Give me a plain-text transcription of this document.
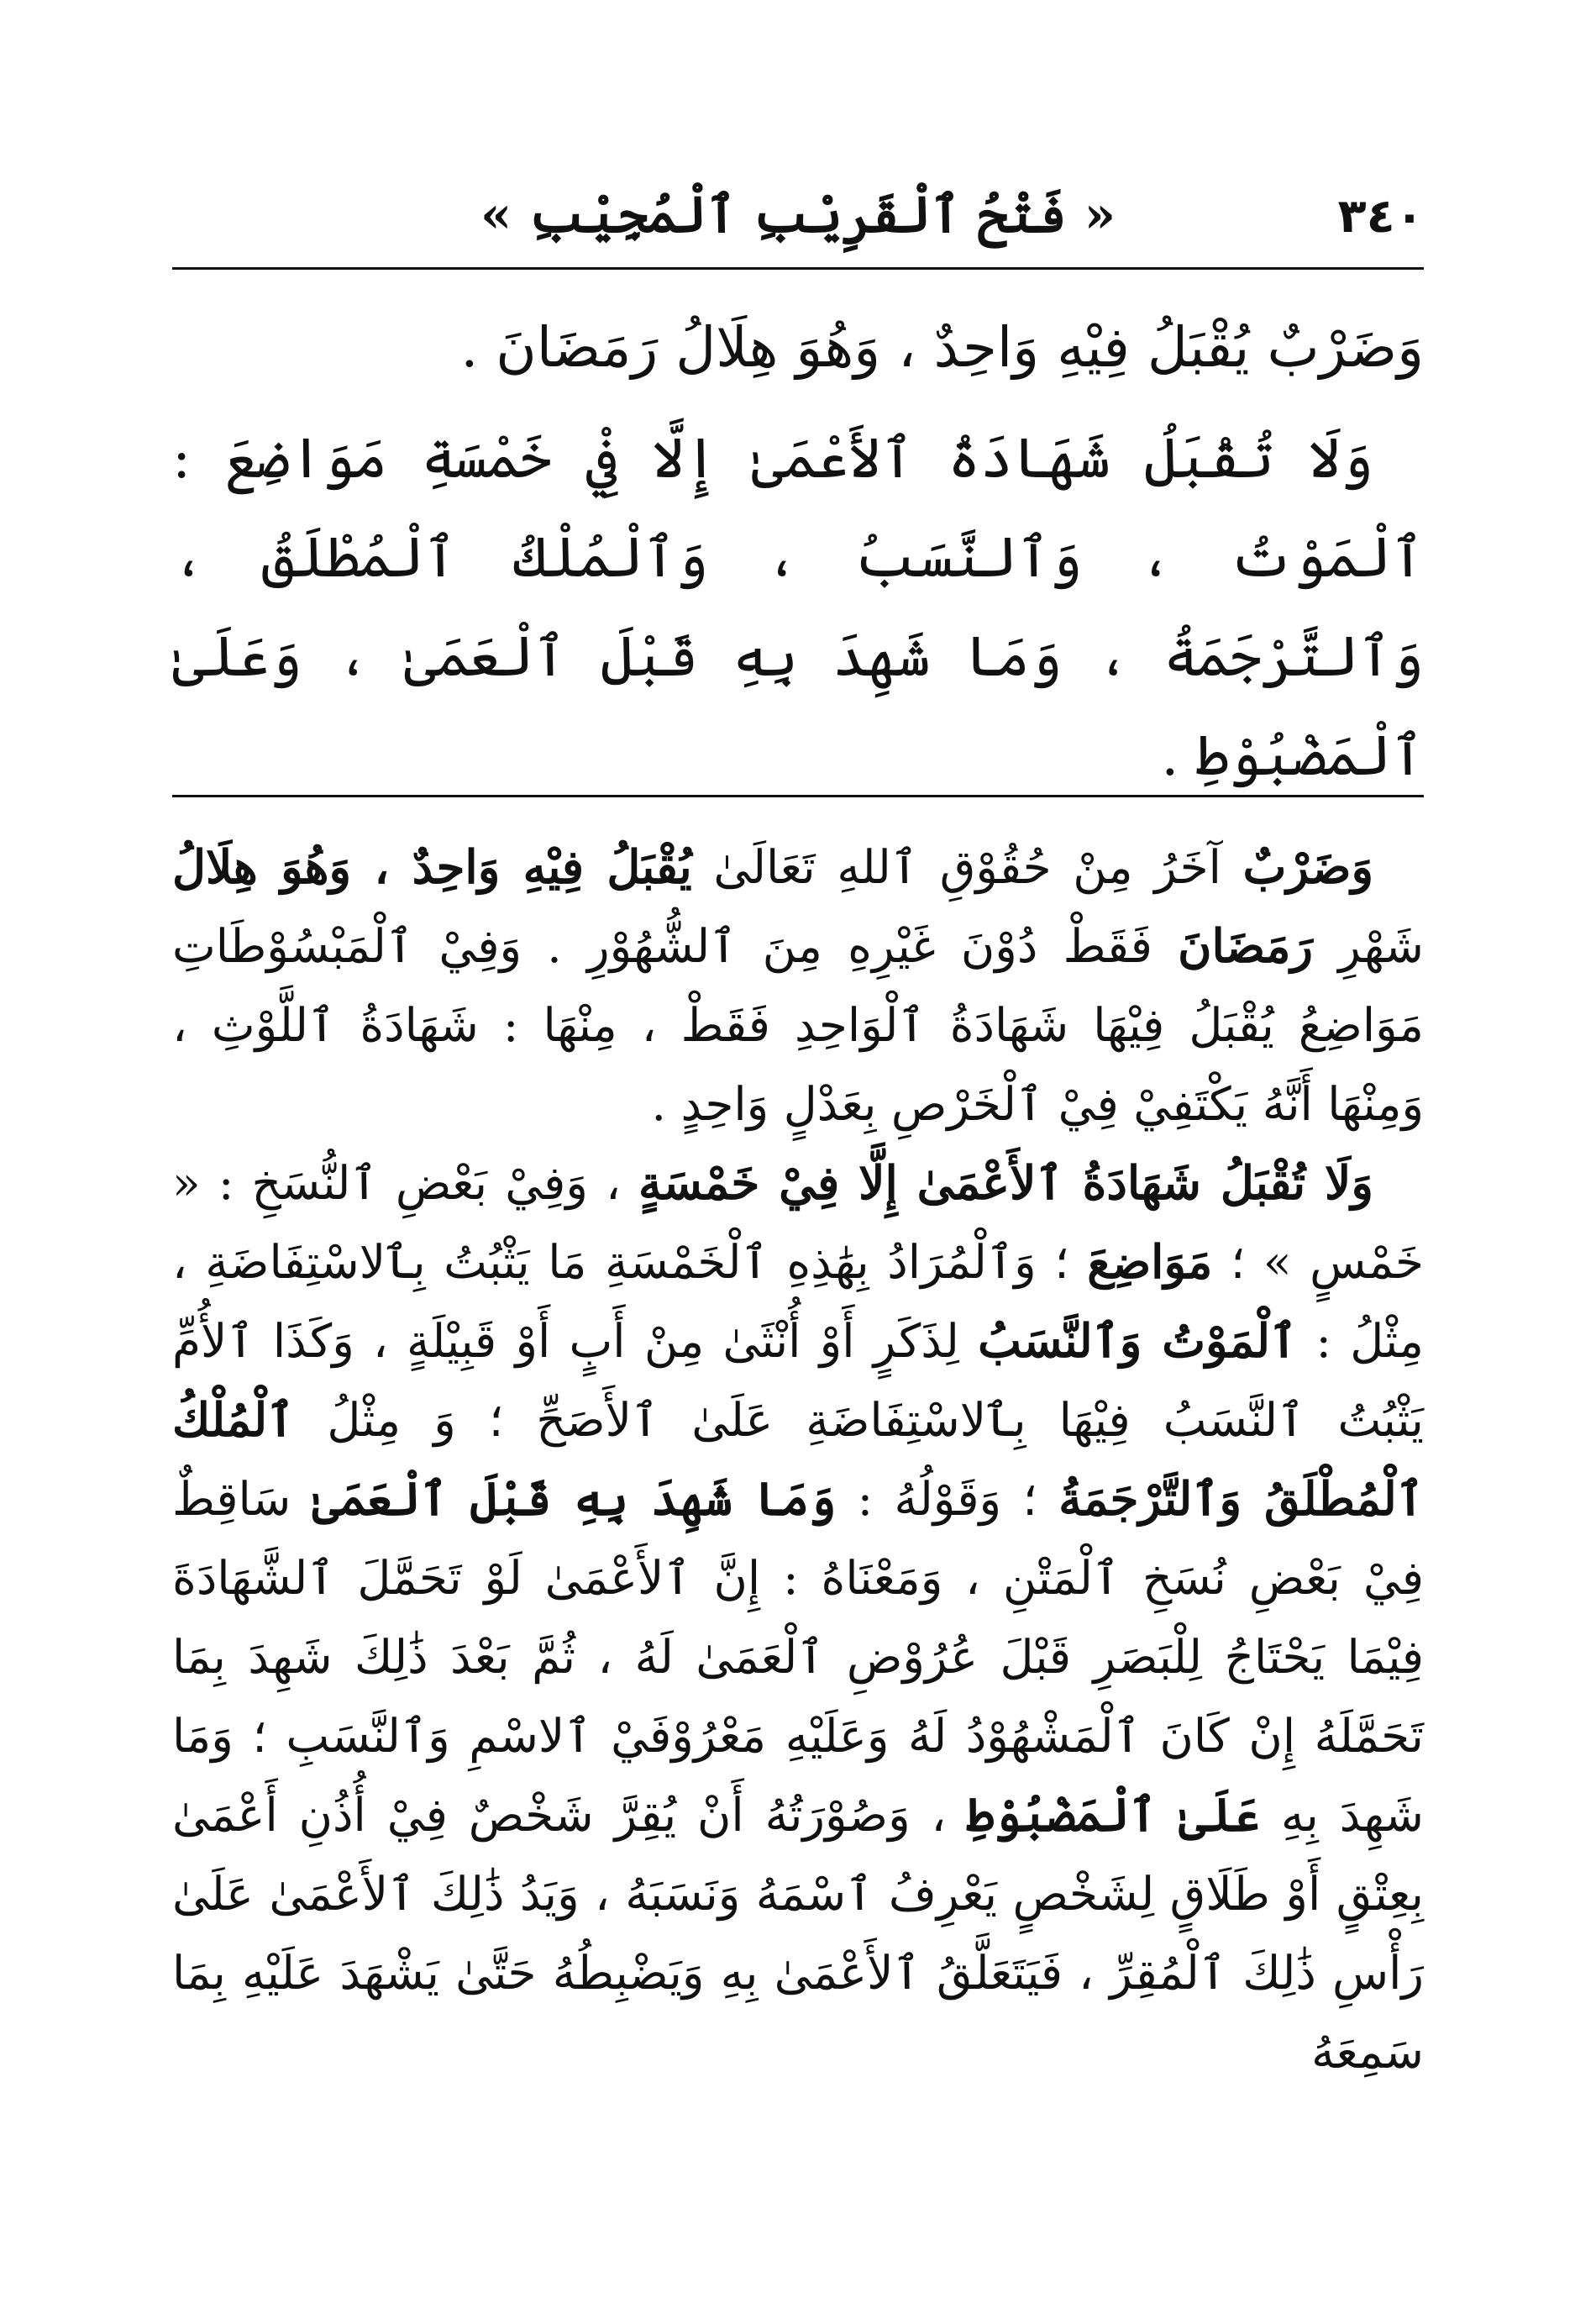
٣٤٠
« فَتْحُ ٱلْقَرِيْبِ ٱلْمُجِيْبِ »

وَضَرْبٌ يُقْبَلُ فِيْهِ وَاحِدٌ ، وَهُوَ هِلَالُ رَمَضَانَ .

وَلَا تُقْبَلُ شَهَادَةُ ٱلأَعْمَىٰ إِلَّا فِيْ خَمْسَةِ مَوَاضِعَ : ٱلْمَوْتُ ، وَٱلنَّسَبُ ، وَٱلْمُلْكُ ٱلْمُطْلَقُ ، وَٱلتَّرْجَمَةُ ، وَمَا شَهِدَ بِهِ قَبْلَ ٱلْعَمَىٰ ، وَعَلَىٰ ٱلْمَضْبُوْطِ .

وَضَرْبٌ آخَرُ مِنْ حُقُوْقِ ٱللهِ تَعَالَىٰ يُقْبَلُ فِيْهِ وَاحِدٌ ، وَهُوَ هِلَالُ شَهْرِ رَمَضَانَ فَقَطْ دُوْنَ غَيْرِهِ مِنَ ٱلشُّهُوْرِ . وَفِيْ ٱلْمَبْسُوْطَاتِ مَوَاضِعُ يُقْبَلُ فِيْهَا شَهَادَةُ ٱلْوَاحِدِ فَقَطْ ، مِنْهَا : شَهَادَةُ ٱللَّوْثِ ، وَمِنْهَا أَنَّهُ يَكْتَفِيْ فِيْ ٱلْخَرْصِ بِعَدْلٍ وَاحِدٍ .

وَلَا تُقْبَلُ شَهَادَةُ ٱلأَعْمَىٰ إِلَّا فِيْ خَمْسَةٍ ، وَفِيْ بَعْضِ ٱلنُّسَخِ : « خَمْسٍ » ؛ مَوَاضِعَ ؛ وَٱلْمُرَادُ بِهَٰذِهِ ٱلْخَمْسَةِ مَا يَثْبُتُ بِٱلاسْتِفَاضَةِ ، مِثْلُ : ٱلْمَوْتُ وَٱلنَّسَبُ لِذَكَرٍ أَوْ أُنْثَىٰ مِنْ أَبٍ أَوْ قَبِيْلَةٍ ، وَكَذَا ٱلأُمِّ يَثْبُتُ ٱلنَّسَبُ فِيْهَا بِٱلاسْتِفَاضَةِ عَلَىٰ ٱلأَصَحِّ ؛ وَ مِثْلُ ٱلْمُلْكُ ٱلْمُطْلَقُ وَٱلتَّرْجَمَةُ ؛ وَقَوْلُهُ : وَمَا شَهِدَ بِهِ قَبْلَ ٱلْعَمَىٰ سَاقِطٌ فِيْ بَعْضِ نُسَخِ ٱلْمَتْنِ ، وَمَعْنَاهُ : إِنَّ ٱلأَعْمَىٰ لَوْ تَحَمَّلَ ٱلشَّهَادَةَ فِيْمَا يَحْتَاجُ لِلْبَصَرِ قَبْلَ عُرُوْضِ ٱلْعَمَىٰ لَهُ ، ثُمَّ بَعْدَ ذَٰلِكَ شَهِدَ بِمَا تَحَمَّلَهُ إِنْ كَانَ ٱلْمَشْهُوْدُ لَهُ وَعَلَيْهِ مَعْرُوْفَيْ ٱلاسْمِ وَٱلنَّسَبِ ؛ وَمَا شَهِدَ بِهِ عَلَىٰ ٱلْمَضْبُوْطِ ، وَصُوْرَتُهُ أَنْ يُقِرَّ شَخْصٌ فِيْ أُذُنِ أَعْمَىٰ بِعِتْقٍ أَوْ طَلَاقٍ لِشَخْصٍ يَعْرِفُ ٱسْمَهُ وَنَسَبَهُ ، وَيَدُ ذَٰلِكَ ٱلأَعْمَىٰ عَلَىٰ رَأْسِ ذَٰلِكَ ٱلْمُقِرِّ ، فَيَتَعَلَّقُ ٱلأَعْمَىٰ بِهِ وَيَضْبِطُهُ حَتَّىٰ يَشْهَدَ عَلَيْهِ بِمَا سَمِعَهُ
